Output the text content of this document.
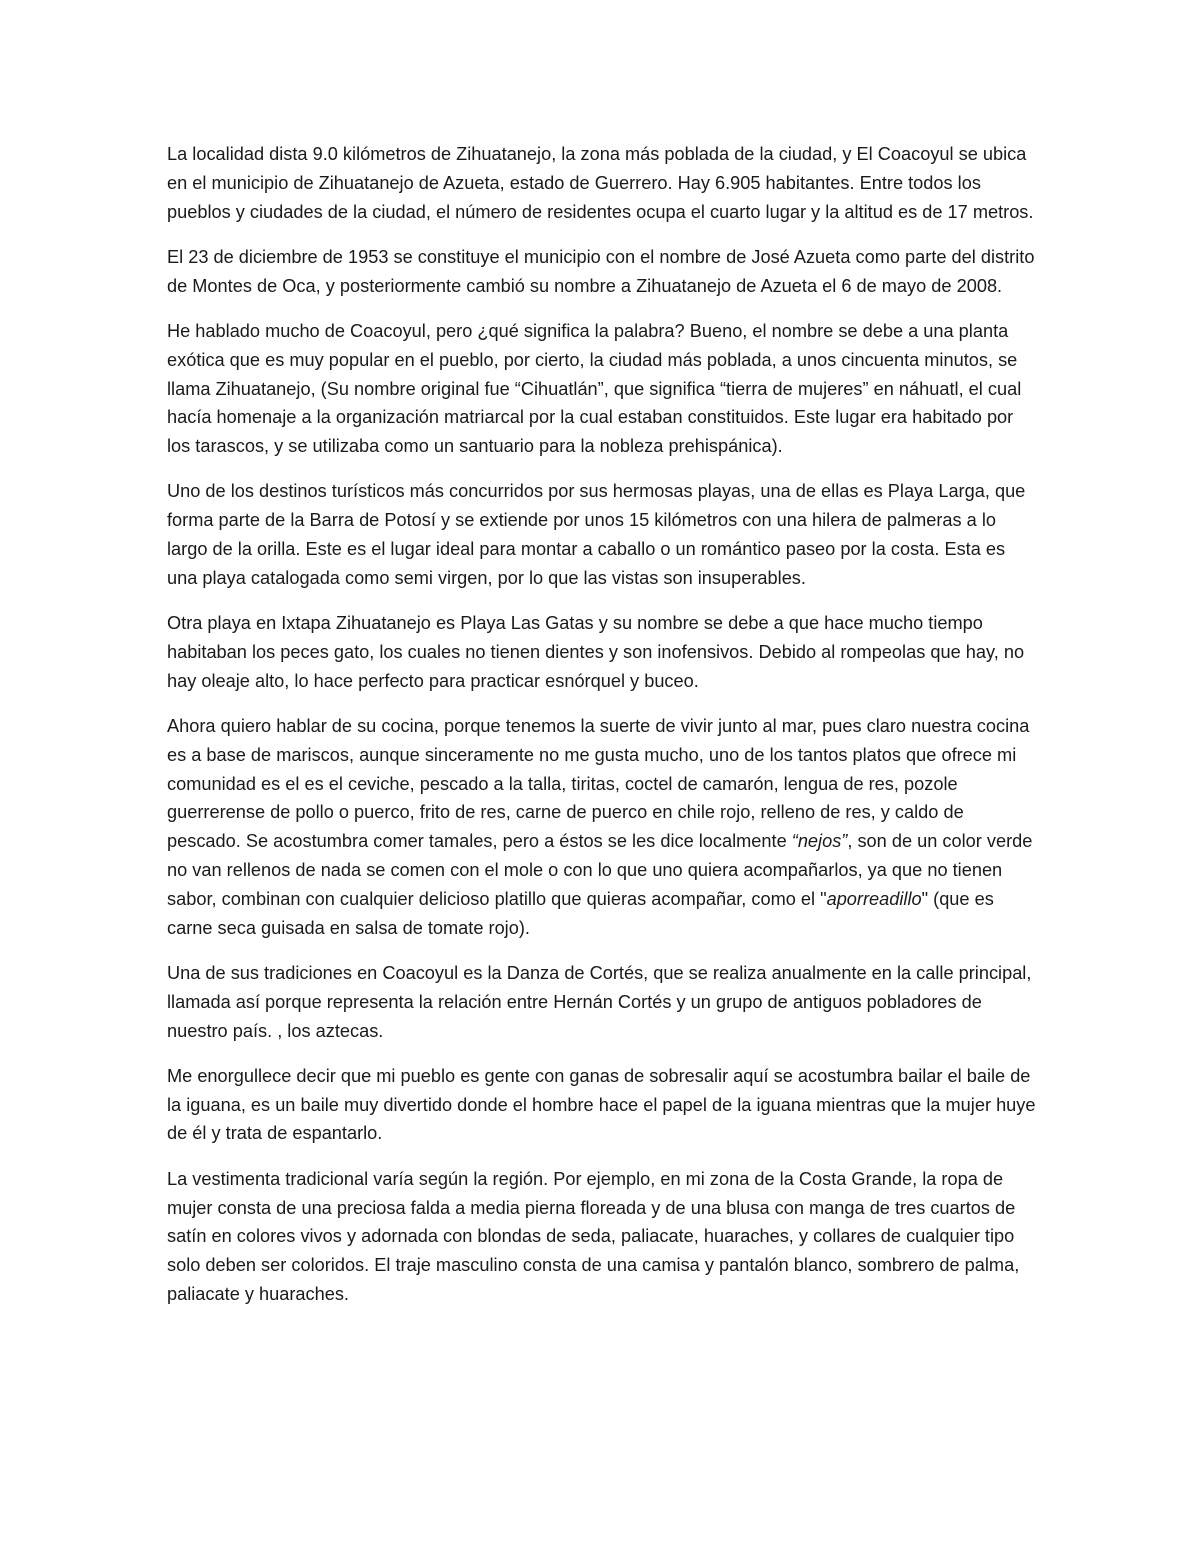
La localidad dista 9.0 kilómetros de Zihuatanejo, la zona más poblada de la ciudad, y El Coacoyul se ubica en el municipio de Zihuatanejo de Azueta, estado de Guerrero. Hay 6.905 habitantes. Entre todos los pueblos y ciudades de la ciudad, el número de residentes ocupa el cuarto lugar y la altitud es de 17 metros.

El 23 de diciembre de 1953 se constituye el municipio con el nombre de José Azueta como parte del distrito de Montes de Oca, y posteriormente cambió su nombre a Zihuatanejo de Azueta el 6 de mayo de 2008.

He hablado mucho de Coacoyul, pero ¿qué significa la palabra? Bueno, el nombre se debe a una planta exótica que es muy popular en el pueblo, por cierto, la ciudad más poblada, a unos cincuenta minutos, se llama Zihuatanejo, (Su nombre original fue “Cihuatlán”, que significa “tierra de mujeres” en náhuatl, el cual hacía homenaje a la organización matriarcal por la cual estaban constituidos. Este lugar era habitado por los tarascos, y se utilizaba como un santuario para la nobleza prehispánica).

Uno de los destinos turísticos más concurridos por sus hermosas playas, una de ellas es Playa Larga, que forma parte de la Barra de Potosí y se extiende por unos 15 kilómetros con una hilera de palmeras a lo largo de la orilla. Este es el lugar ideal para montar a caballo o un romántico paseo por la costa. Esta es una playa catalogada como semi virgen, por lo que las vistas son insuperables.

Otra playa en Ixtapa Zihuatanejo es Playa Las Gatas y su nombre se debe a que hace mucho tiempo habitaban los peces gato, los cuales no tienen dientes y son inofensivos. Debido al rompeolas que hay, no hay oleaje alto, lo hace perfecto para practicar esnórquel y buceo.

Ahora quiero hablar de su cocina, porque tenemos la suerte de vivir junto al mar, pues claro nuestra cocina es a base de mariscos, aunque sinceramente no me gusta mucho, uno de los tantos platos que ofrece mi comunidad es el es el ceviche, pescado a la talla, tiritas, coctel de camarón, lengua de res, pozole guerrerense de pollo o puerco, frito de res, carne de puerco en chile rojo, relleno de res, y caldo de pescado. Se acostumbra comer tamales, pero a éstos se les dice localmente “nejos”, son de un color verde no van rellenos de nada se comen con el mole o con lo que uno quiera acompañarlos, ya que no tienen sabor, combinan con cualquier delicioso platillo que quieras acompañar, como el "aporreadillo" (que es carne seca guisada en salsa de tomate rojo).

Una de sus tradiciones en Coacoyul es la Danza de Cortés, que se realiza anualmente en la calle principal, llamada así porque representa la relación entre Hernán Cortés y un grupo de antiguos pobladores de nuestro país. , los aztecas.

Me enorgullece decir que mi pueblo es gente con ganas de sobresalir aquí se acostumbra bailar el baile de la iguana, es un baile muy divertido donde el hombre hace el papel de la iguana mientras que la mujer huye de él y trata de espantarlo.

La vestimenta tradicional varía según la región. Por ejemplo, en mi zona de la Costa Grande, la ropa de mujer consta de una preciosa falda a media pierna floreada y de una blusa con manga de tres cuartos de satín en colores vivos y adornada con blondas de seda, paliacate, huaraches, y collares de cualquier tipo solo deben ser coloridos. El traje masculino consta de una camisa y pantalón blanco, sombrero de palma, paliacate y huaraches.
